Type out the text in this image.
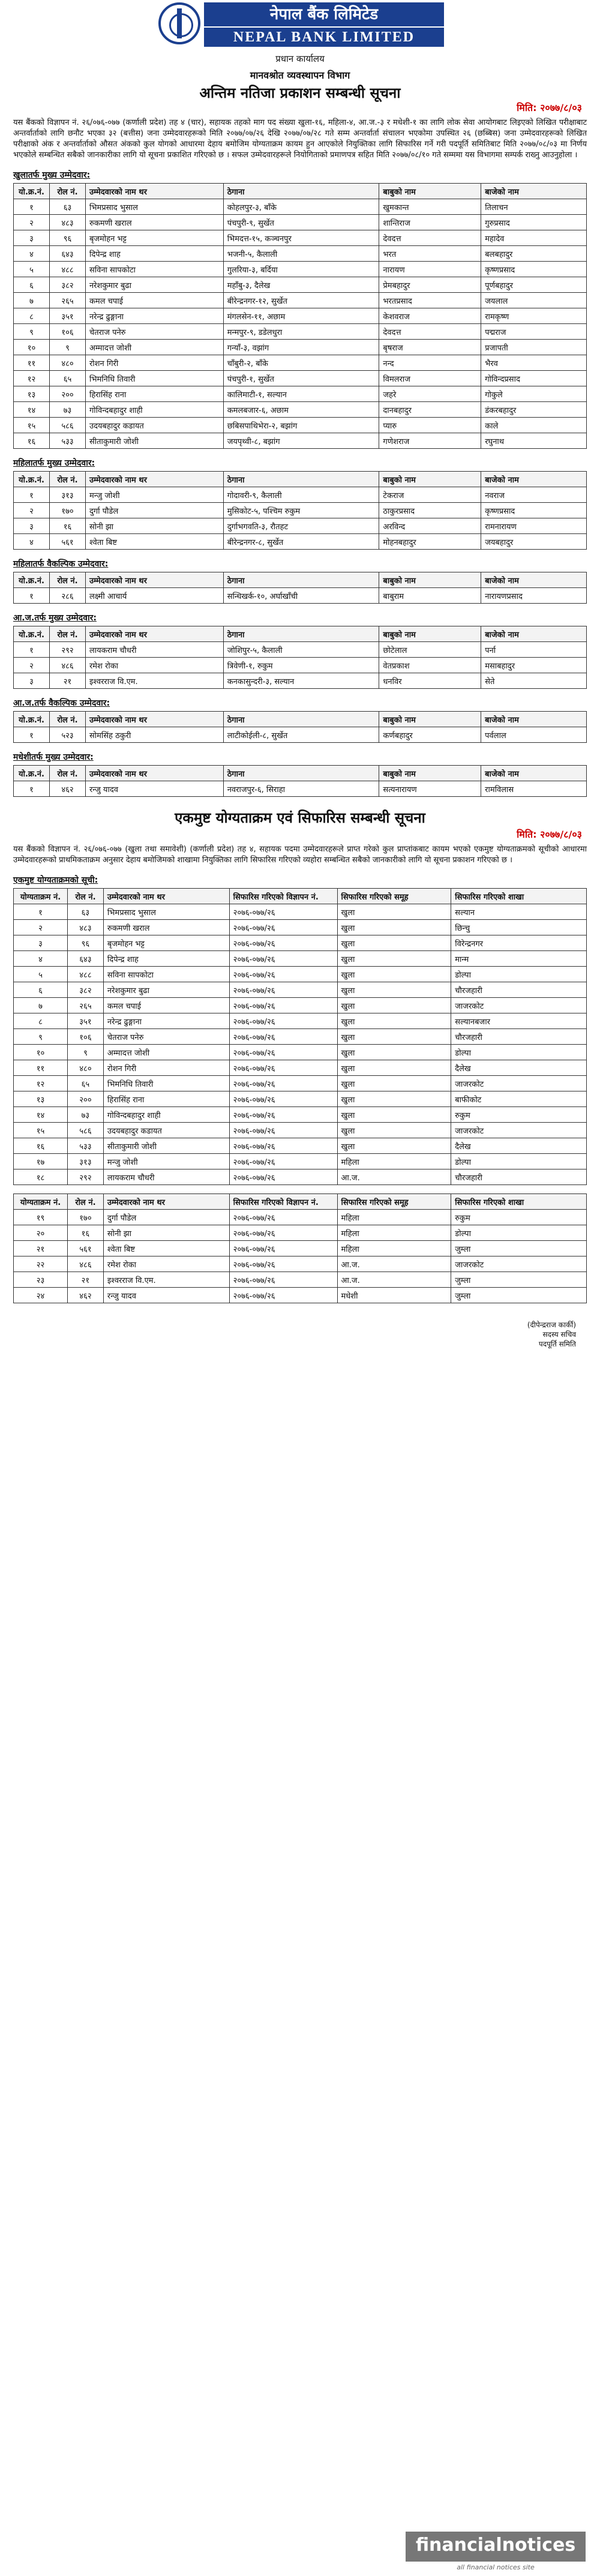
नेपाल बैंक लिमिटेड
NEPAL BANK LIMITED
प्रधान कार्यालय
मानवश्रोत व्यवस्थापन विभाग
अन्तिम नतिजा प्रकाशन सम्बन्धी सूचना
मिति: २०७७/८/०३

यस बैंकको विज्ञापन नं. २६/०७६-०७७ (कर्णाली प्रदेश) तह ४ (चार), सहायक तहको माग पद संख्या खुला-१६, महिला-४, आ.ज.-३ र मधेशी-१ का लागि लोक सेवा आयोगबाट लिइएको लिखित परीक्षाबाट अन्तर्वार्ताको लागि छनौट भएका ३२ (बत्तीस) जना उम्मेदवारहरूको मिति २०७७/०७/२६ देखि २०७७/०७/२८ गते सम्म अन्तर्वार्ता संचालन भएकोमा उपस्थित २६ (छब्बिस) जना उम्मेदवारहरूको लिखित परीक्षाको अंक र अन्तर्वार्ताको औसत अंकको कुल योगको आधारमा देहाय बमोजिम योग्यताक्रम कायम हुन आएकोले नियुक्तिका लागि सिफारिस गर्ने गरी पदपूर्ति समितिबाट मिति २०७७/०८/०३ मा निर्णय भएकोले सम्बन्धित सबैको जानकारीका लागि यो सूचना प्रकाशित गरिएको छ । सफल उम्मेदवारहरूले नियोगिताको प्रमाणपत्र सहित मिति २०७७/०८/१० गते सम्ममा यस विभागमा सम्पर्क राख्नु आउनुहोला ।

खुलातर्फ मुख्य उम्मेदवार:
यो.क्र.नं.	रोल नं.	उम्मेदवारको नाम थर	ठेगाना	बाबुको नाम	बाजेको नाम
१	६३	भिमप्रसाद भुसाल	कोहलपुर-३, बाँके	खुमकान्त	तिलाचन
२	४८३	रुकमणी खराल	पंचपुरी-९, सुर्खेत	शान्तिराज	गुरुप्रसाद
३	९६	बृजमोहन भट्ट	भिमदत्त-१५, कञ्चनपुर	देवदत्त	महादेव
४	६४३	दिपेन्द्र शाह	भजनी-५, कैलाली	भरत	बलबहादुर
५	४८८	सविना सापकोटा	गुलरिया-३, बर्दिया	नारायण	कृष्णप्रसाद
६	३८२	नरेशकुमार बुढा	महाँबु-३, दैलेख	प्रेमबहादुर	पूर्णबहादुर
७	२६५	कमल चपाई	बीरेन्द्रनगर-१२, सुर्खेत	भरतप्रसाद	जयलाल
८	३५१	नरेन्द्र ढुङ्गाना	मंगलसेन-११, अछाम	केशवराज	रामकृष्ण
९	१०६	चेतराज पनेरु	मन्मपुर-९, डडेलधुरा	देवदत्त	पद्मराज
१०	९	अम्मादत्त जोशी	गन्याँ-३, वझांग	बृषराज	प्रजापती
११	४८०	रोशन गिरी	चाँबुरी-२, बाँके	नन्द	भैरव
१२	६५	भिमनिधि तिवारी	पंचपुरी-१, सुर्खेत	विमलराज	गोविन्दप्रसाद
१३	२००	हिरासिंह राना	कालिमाटी-१, सल्यान	जहरे	गोकुले
१४	७३	गोविन्दबहादुर शाही	कमलबजार-६, अछाम	दानबहादुर	डंकरबहादुर
१५	५८६	उदयबहादुर कडायत	छबिसपाथिभेरा-२, बझांग	प्यारु	काले
१६	५३३	सीताकुमारी जोशी	जयपृथ्वी-८, बझांग	गणेशराज	रघुनाथ
महिलातर्फ मुख्य उम्मेदवार:
यो.क्र.नं.	रोल नं.	उम्मेदवारको नाम थर	ठेगाना	बाबुको नाम	बाजेको नाम
१	३१३	मन्जु जोशी	गोदावरी-९, कैलाली	टेकराज	नवराज
२	१७०	दुर्गा पौडेल	मुसिकोट-५, पश्चिम रुकुम	ठाकुरप्रसाद	कृष्णप्रसाद
३	१६	सोनी झा	दुर्गाभगवति-३, रौतहट	अरविन्द	रामनारायण
४	५६१	श्वेता बिष्ट	बीरेन्द्रनगर-८, सुर्खेत	मोहनबहादुर	जयबहादुर
महिलातर्फ वैकल्पिक उम्मेदवार:
यो.क्र.नं.	रोल नं.	उम्मेदवारको नाम थर	ठेगाना	बाबुको नाम	बाजेको नाम
१	२८६	लक्ष्मी आचार्य	सन्धिखर्क-१०, अर्घाखाँची	बाबुराम	नारायणप्रसाद
आ.ज.तर्फ मुख्य उम्मेदवार:
यो.क्र.नं.	रोल नं.	उम्मेदवारको नाम थर	ठेगाना	बाबुको नाम	बाजेको नाम
१	२९२	लायकराम चौधरी	जोशिपुर-५, कैलाली	छोटेलाल	पर्ना
२	४८६	रमेश रोका	त्रिवेणी-१, रुकुम	वेतप्रकाश	मसाबहादुर
३	२१	इश्वरराज वि.एम.	कनकासुन्दरी-३, सल्यान	धनविर	सेते
आ.ज.तर्फ वैकल्पिक उम्मेदवार:
यो.क्र.नं.	रोल नं.	उम्मेदवारको नाम थर	ठेगाना	बाबुको नाम	बाजेको नाम
१	५२३	सोमसिंह ठकुरी	लाटीकोईली-८, सुर्खेत	कर्णबहादुर	पर्वलाल
मधेशीतर्फ मुख्य उम्मेदवार:
यो.क्र.नं.	रोल नं.	उम्मेदवारको नाम थर	ठेगाना	बाबुको नाम	बाजेको नाम
१	४६२	रन्जु यादव	नवराजपुर-६, सिराहा	सत्यनारायण	रामविलास
एकमुष्ट योग्यताक्रम एवं सिफारिस सम्बन्धी सूचना
मिति: २०७७/८/०३

यस बैंकको विज्ञापन नं. २६/०७६-०७७ (खुला तथा समावेशी) (कर्णाली प्रदेश) तह ४, सहायक पदमा उम्मेदवारहरूले प्राप्त गरेको कुल प्राप्तांकबाट कायम भएको एकमुष्ट योग्यताक्रमको सूचीको आधारमा उम्मेदवारहरूको प्राथमिकताक्रम अनुसार देहाय बमोजिमको शाखामा नियुक्तिका लागि सिफारिस गरिएको व्यहोरा सम्बन्धित सबैको जानकारीको लागि यो सूचना प्रकाशन गरिएको छ ।

एकमुष्ट योग्यताक्रमको सूची:
योग्यताक्रम नं.	रोल नं.	उम्मेदवारको नाम थर	सिफारिस गरिएको विज्ञापन नं.	सिफारिस गरिएको समूह	सिफारिस गरिएको शाखा
१	६३	भिमप्रसाद भुसाल	२०७६-०७७/२६	खुला	सल्यान
२	४८३	रुकमणी खराल	२०७६-०७७/२६	खुला	छिन्चु
३	९६	बृजमोहन भट्ट	२०७६-०७७/२६	खुला	विरेन्द्रनगर
४	६४३	दिपेन्द्र शाह	२०७६-०७७/२६	खुला	मान्म
५	४८८	सविना सापकोटा	२०७६-०७७/२६	खुला	डोल्पा
६	३८२	नरेशकुमार बुढा	२०७६-०७७/२६	खुला	चौरजहारी
७	२६५	कमल चपाई	२०७६-०७७/२६	खुला	जाजरकोट
८	३५१	नरेन्द्र ढुङ्गाना	२०७६-०७७/२६	खुला	सल्यानबजार
९	१०६	चेतराज पनेरु	२०७६-०७७/२६	खुला	चौरजहारी
१०	९	अम्मादत्त जोशी	२०७६-०७७/२६	खुला	डोल्पा
११	४८०	रोशन गिरी	२०७६-०७७/२६	खुला	दैलेख
१२	६५	भिमनिधि तिवारी	२०७६-०७७/२६	खुला	जाजरकोट
१३	२००	हिरासिंह राना	२०७६-०७७/२६	खुला	बाफीकोट
१४	७३	गोविन्दबहादुर शाही	२०७६-०७७/२६	खुला	रुकुम
१५	५८६	उदयबहादुर कडायत	२०७६-०७७/२६	खुला	जाजरकोट
१६	५३३	सीताकुमारी जोशी	२०७६-०७७/२६	खुला	दैलेख
१७	३१३	मन्जु जोशी	२०७६-०७७/२६	महिला	डोल्पा
१८	२९२	लायकराम चौधरी	२०७६-०७७/२६	आ.ज.	चौरजहारी
योग्यताक्रम नं.	रोल नं.	उम्मेदवारको नाम थर	सिफारिस गरिएको विज्ञापन नं.	सिफारिस गरिएको समूह	सिफारिस गरिएको शाखा
१९	१७०	दुर्गा पौडेल	२०७६-०७७/२६	महिला	रुकुम
२०	१६	सोनी झा	२०७६-०७७/२६	महिला	डोल्पा
२१	५६१	श्वेता बिष्ट	२०७६-०७७/२६	महिला	जुम्ला
२२	४८६	रमेश रोका	२०७६-०७७/२६	आ.ज.	जाजरकोट
२३	२१	इश्वरराज वि.एम.	२०७६-०७७/२६	आ.ज.	जुम्ला
२४	४६२	रन्जु यादव	२०७६-०७७/२६	मधेशी	जुम्ला
(दीपेन्द्रराज कार्की)
सदस्य सचिव
पदपूर्ति समिति
financialnotices
all financial notices site
